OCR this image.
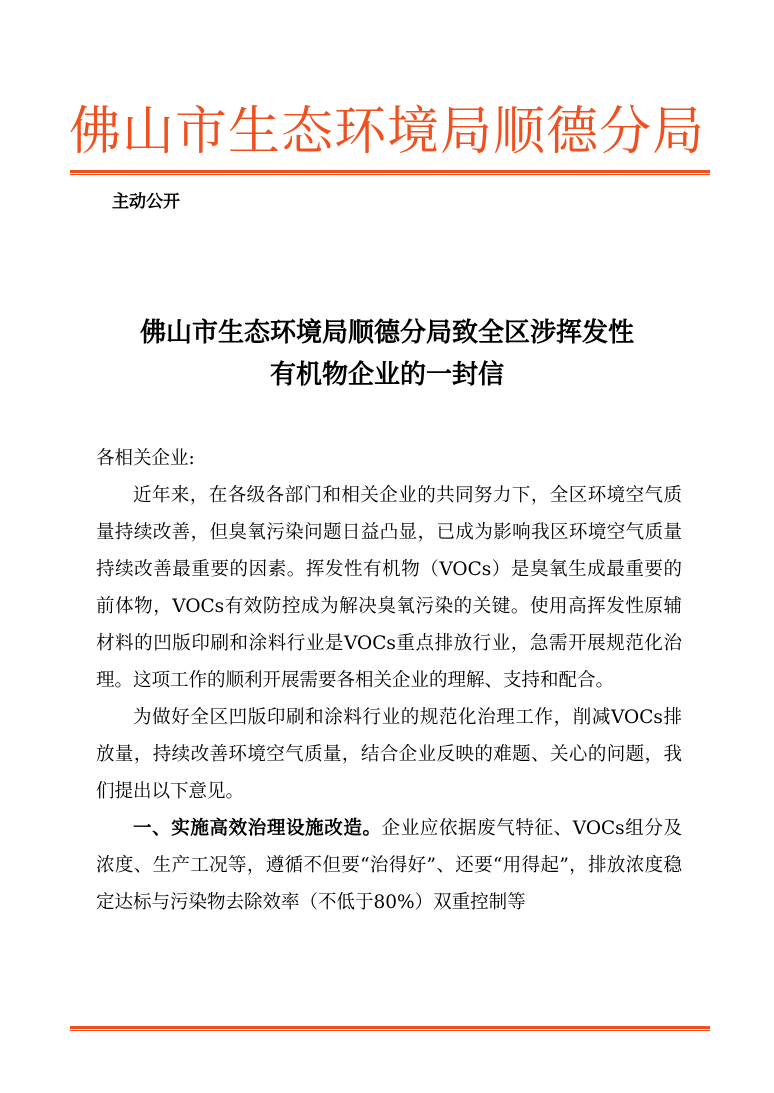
佛山市生态环境局顺德分局
主动公开
佛山市生态环境局顺德分局致全区涉挥发性
有机物企业的一封信

各相关企业:

近年来，在各级各部门和相关企业的共同努力下，全区环境空气质量持续改善，但臭氧污染问题日益凸显，已成为影响我区环境空气质量持续改善最重要的因素。挥发性有机物（VOCs）是臭氧生成最重要的前体物，VOCs有效防控成为解决臭氧污染的关键。使用高挥发性原辅材料的凹版印刷和涂料行业是VOCs重点排放行业，急需开展规范化治理。这项工作的顺利开展需要各相关企业的理解、支持和配合。

为做好全区凹版印刷和涂料行业的规范化治理工作，削减VOCs排放量，持续改善环境空气质量，结合企业反映的难题、关心的问题，我们提出以下意见。

一、实施高效治理设施改造。企业应依据废气特征、VOCs组分及浓度、生产工况等，遵循不但要“治得好”、还要“用得起”，排放浓度稳定达标与污染物去除效率（不低于80%）双重控制等
